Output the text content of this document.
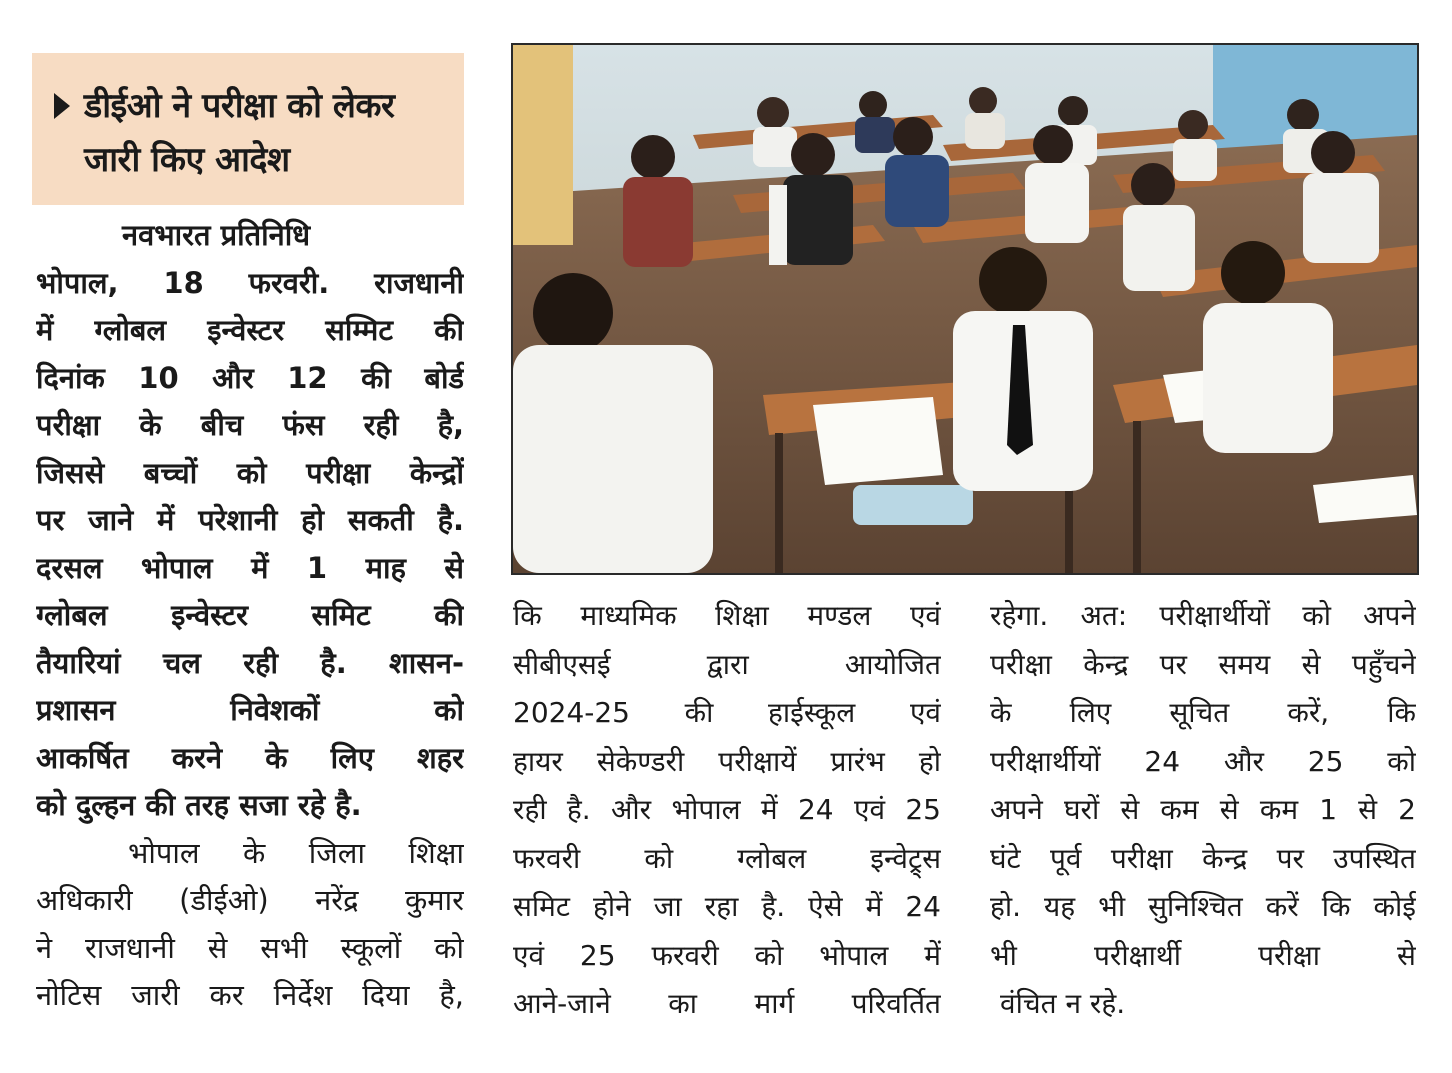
डीईओ ने परीक्षा को लेकर
जारी किए आदेश
नवभारत प्रतिनिधि
भोपाल, 18 फरवरी. राजधानी
में ग्लोबल इन्वेस्टर सम्मिट की
दिनांक 10 और 12 की बोर्ड
परीक्षा के बीच फंस रही है,
जिससे बच्चों को परीक्षा केन्द्रों
पर जाने में परेशानी हो सकती है.
दरसल भोपाल में 1 माह से
ग्लोबल इन्वेस्टर समिट की
तैयारियां चल रही है. शासन-
प्रशासन निवेशकों को
आकर्षित करने के लिए शहर
को दुल्हन की तरह सजा रहे है.
भोपाल के जिला शिक्षा
अधिकारी (डीईओ) नरेंद्र कुमार
ने राजधानी से सभी स्कूलों को
नोटिस जारी कर निर्देश दिया है,
कि माध्यमिक शिक्षा मण्डल एवं
सीबीएसई द्वारा आयोजित
2024-25 की हाईस्कूल एवं
हायर सेकेण्डरी परीक्षायें प्रारंभ हो
रही है. और भोपाल में 24 एवं 25
फरवरी को ग्लोबल इन्वेट्र्स
समिट होने जा रहा है. ऐसे में 24
एवं 25 फरवरी को भोपाल में
आने-जाने का मार्ग परिवर्तित
रहेगा. अत: परीक्षार्थीयों को अपने
परीक्षा केन्द्र पर समय से पहुँचने
के लिए सूचित करें, कि
परीक्षार्थीयों 24 और 25 को
अपने घरों से कम से कम 1 से 2
घंटे पूर्व परीक्षा केन्द्र पर उपस्थित
हो. यह भी सुनिश्चित करें कि कोई
भी परीक्षार्थी परीक्षा से
वंचित न रहे.
